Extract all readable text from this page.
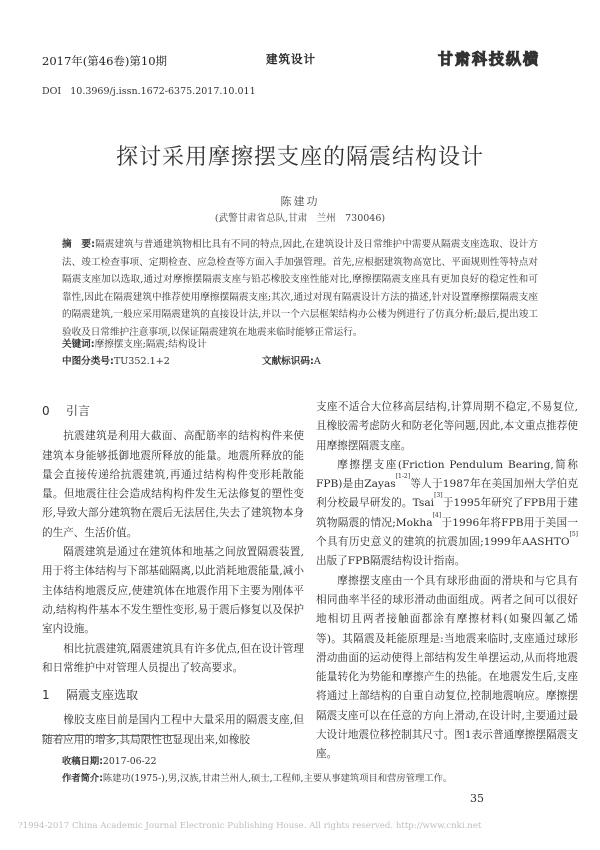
2017年(第46卷)第10期	建筑设计	甘肃科技纵横
DOI 10.3969/j.issn.1672-6375.2017.10.011
探讨采用摩擦摆支座的隔震结构设计
陈建功
(武警甘肃省总队,甘肃　兰州　730046)
摘　要:隔震建筑与普通建筑物相比具有不同的特点,因此,在建筑设计及日常维护中需要从隔震支座选取、设计方法、竣工检查事项、定期检查、应急检查等方面入手加强管理。首先,应根据建筑物高宽比、平面规则性等特点对隔震支座加以选取,通过对摩擦摆隔震支座与铅芯橡胶支座性能对比,摩擦摆隔震支座具有更加良好的稳定性和可靠性,因此在隔震建筑中推荐使用摩擦摆隔震支座;其次,通过对现有隔震设计方法的描述,针对设置摩擦摆隔震支座的隔震建筑,一般应采用隔震建筑的直接设计法,并以一个六层框架结构办公楼为例进行了仿真分析;最后,提出竣工验收及日常维护注意事项,以保证隔震建筑在地震来临时能够正常运行。
关键词:摩擦摆支座;隔震;结构设计
中图分类号:TU352.1+2	文献标识码:A
0 引言

抗震建筑是利用大截面、高配筋率的结构构件来使建筑本身能够抵御地震所释放的能量。地震所释放的能量会直接传递给抗震建筑,再通过结构构件变形耗散能量。但地震往往会造成结构构件发生无法修复的塑性变形,导致大部分建筑物在震后无法居住,失去了建筑物本身的生产、生活价值。

隔震建筑是通过在建筑体和地基之间放置隔震装置,用于将主体结构与下部基础隔离,以此消耗地震能量,减小主体结构地震反应,使建筑体在地震作用下主要为刚体平动,结构构件基本不发生塑性变形,易于震后修复以及保护室内设施。

相比抗震建筑,隔震建筑具有许多优点,但在设计管理和日常维护中对管理人员提出了较高要求。

1 隔震支座选取

橡胶支座目前是国内工程中大量采用的隔震支座,但随着应用的增多,其局限性也显现出来,如橡胶

支座不适合大位移高层结构,计算周期不稳定,不易复位,且橡胶需考虑防火和防老化等问题,因此,本文重点推荐使用摩擦摆隔震支座。

摩擦摆支座(Friction Pendulum Bearing,简称FPB)是由Zayas[1-2]等人于1987年在美国加州大学伯克利分校最早研发的。Tsai[3]于1995年研究了FPB用于建筑物隔震的情况;Mokha[4]于1996年将FPB用于美国一个具有历史意义的建筑的抗震加固;1999年AASHTO[5]出版了FPB隔震结构设计指南。

摩擦摆支座由一个具有球形曲面的滑块和与它具有相同曲率半径的球形滑动曲面组成。两者之间可以很好地相切且两者接触面都涂有摩擦材料(如聚四氟乙烯等)。其隔震及耗能原理是:当地震来临时,支座通过球形滑动曲面的运动使得上部结构发生单摆运动,从而将地震能量转化为势能和摩擦产生的热能。在地震发生后,支座将通过上部结构的自重自动复位,控制地震响应。摩擦摆隔震支座可以在任意的方向上滑动,在设计时,主要通过最大设计地震位移控制其尺寸。图1表示普通摩擦摆隔震支座。

收稿日期:2017-06-22
作者简介:陈建功(1975-),男,汉族,甘肃兰州人,硕士,工程师,主要从事建筑项目和营房管理工作。
35
?1994-2017 China Academic Journal Electronic Publishing House. All rights reserved. http://www.cnki.net
